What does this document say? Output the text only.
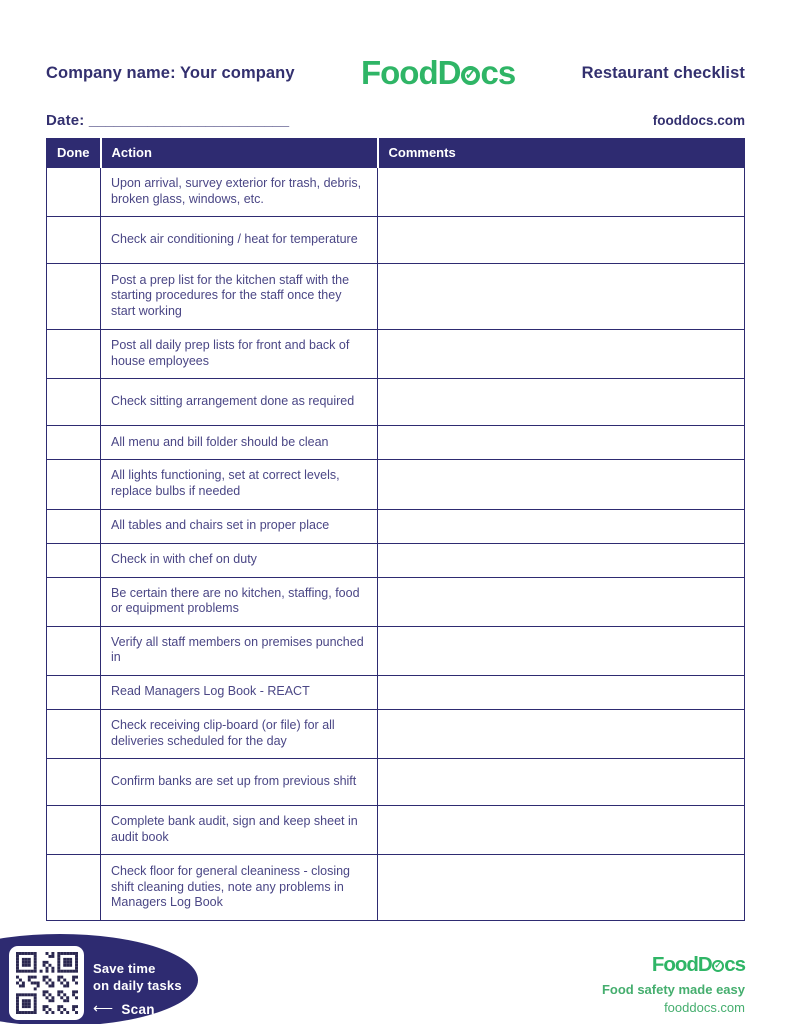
Company name: Your company FoodD ✓ cs	Restaurant checklist
Date: ________________________	fooddocs.com
Done	Action	Comments
	Upon arrival, survey exterior for trash, debris, broken glass, windows, etc.	
	Check air conditioning / heat for temperature	
	Post a prep list for the kitchen staff with the starting procedures for the staff once they start working	
	Post all daily prep lists for front and back of house employees	
	Check sitting arrangement done as required	
	All menu and bill folder should be clean	
	All lights functioning, set at correct levels, replace bulbs if needed	
	All tables and chairs set in proper place	
	Check in with chef on duty	
	Be certain there are no kitchen, staffing, food or equipment problems	
	Verify all staff members on premises punched in	
	Read Managers Log Book - REACT	
	Check receiving clip-board (or file) for all deliveries scheduled for the day	
	Confirm banks are set up from previous shift	
	Complete bank audit, sign and keep sheet in audit book	
	Check floor for general cleaniness - closing shift cleaning duties, note any problems in Managers Log Book	
Save time
on daily tasks
⟵ Scan
FoodD ✓ cs
Food safety made easy
fooddocs.com
